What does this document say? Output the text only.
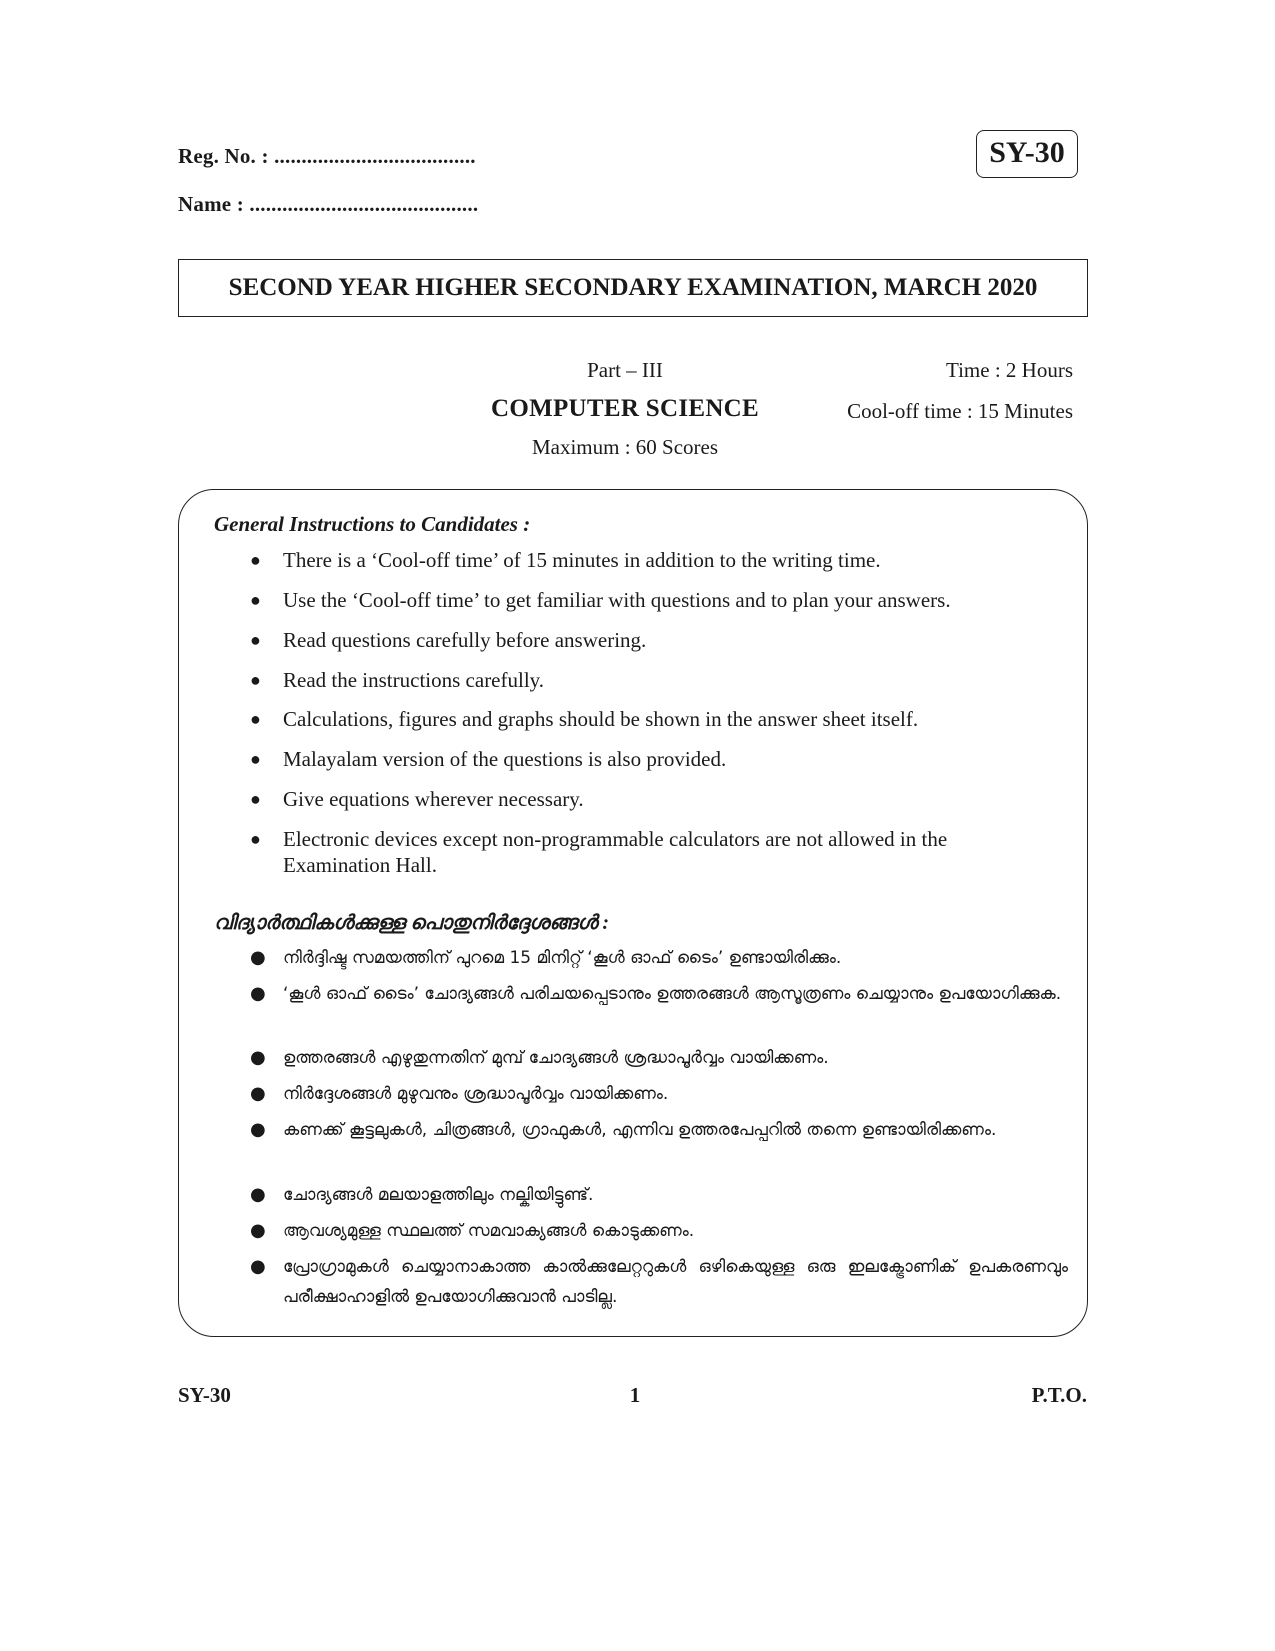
Reg. No. : .....................................
Name : ..........................................
SY-30
SECOND YEAR HIGHER SECONDARY EXAMINATION, MARCH 2020
Part – III
COMPUTER SCIENCE
Maximum : 60 Scores
Time : 2 Hours
Cool-off time : 15 Minutes
General Instructions to Candidates :
● There is a ‘Cool-off time’ of 15 minutes in addition to the writing time.
● Use the ‘Cool-off time’ to get familiar with questions and to plan your answers.
● Read questions carefully before answering.
● Read the instructions carefully.
● Calculations, figures and graphs should be shown in the answer sheet itself.
● Malayalam version of the questions is also provided.
● Give equations wherever necessary.
● Electronic devices except non-programmable calculators are not allowed in the Examination Hall.
വിദ്യാർത്ഥികൾക്കുള്ള പൊതുനിർദ്ദേശങ്ങൾ :
● നിർദ്ദിഷ്ട സമയത്തിന് പുറമെ 15 മിനിറ്റ് ‘കൂൾ ഓഫ് ടൈം’ ഉണ്ടായിരിക്കും.
● ‘കൂൾ ഓഫ് ടൈം’ ചോദ്യങ്ങൾ പരിചയപ്പെടാനും ഉത്തരങ്ങൾ ആസൂത്രണം ചെയ്യാനും ഉപയോഗിക്കുക.
● ഉത്തരങ്ങൾ എഴുതുന്നതിന് മുമ്പ് ചോദ്യങ്ങൾ ശ്രദ്ധാപൂർവ്വം വായിക്കണം.
● നിർദ്ദേശങ്ങൾ മുഴുവനും ശ്രദ്ധാപൂർവ്വം വായിക്കണം.
● കണക്ക് കൂട്ടലുകൾ, ചിത്രങ്ങൾ, ഗ്രാഫുകൾ, എന്നിവ ഉത്തരപേപ്പറിൽ തന്നെ ഉണ്ടായിരിക്കണം.
● ചോദ്യങ്ങൾ മലയാളത്തിലും നല്കിയിട്ടുണ്ട്.
● ആവശ്യമുള്ള സ്ഥലത്ത് സമവാക്യങ്ങൾ കൊടുക്കണം.
● പ്രോഗ്രാമുകൾ ചെയ്യാനാകാത്ത കാൽക്കുലേറ്ററുകൾ ഒഴികെയുള്ള ഒരു ഇലക്ട്രോണിക് ഉപകരണവും പരീക്ഷാഹാളിൽ ഉപയോഗിക്കുവാൻ പാടില്ല.
SY-30	1	P.T.O.
